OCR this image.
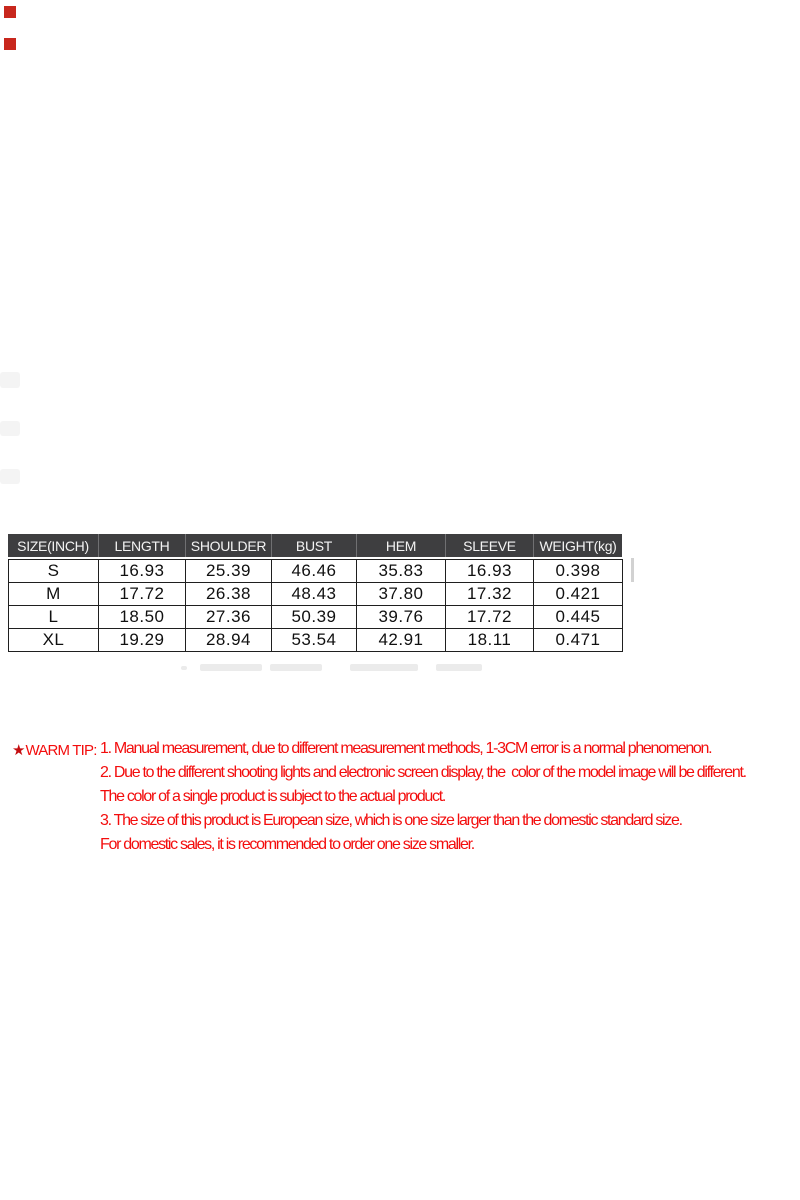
SIZE(INCH)	LENGTH	SHOULDER	BUST	HEM	SLEEVE	WEIGHT(kg)
S	16.93	25.39	46.46	35.83	16.93	0.398
M	17.72	26.38	48.43	37.80	17.32	0.421
L	18.50	27.36	50.39	39.76	17.72	0.445
XL	19.29	28.94	53.54	42.91	18.11	0.471
★WARM TIP: 1. Manual measurement, due to different measurement methods, 1-3CM error is a normal phenomenon.
2. Due to the different shooting lights and electronic screen display, the  color of the model image will be different.
The color of a single product is subject to the actual product.
3. The size of this product is European size, which is one size larger than the domestic standard size.
For domestic sales, it is recommended to order one size smaller.
